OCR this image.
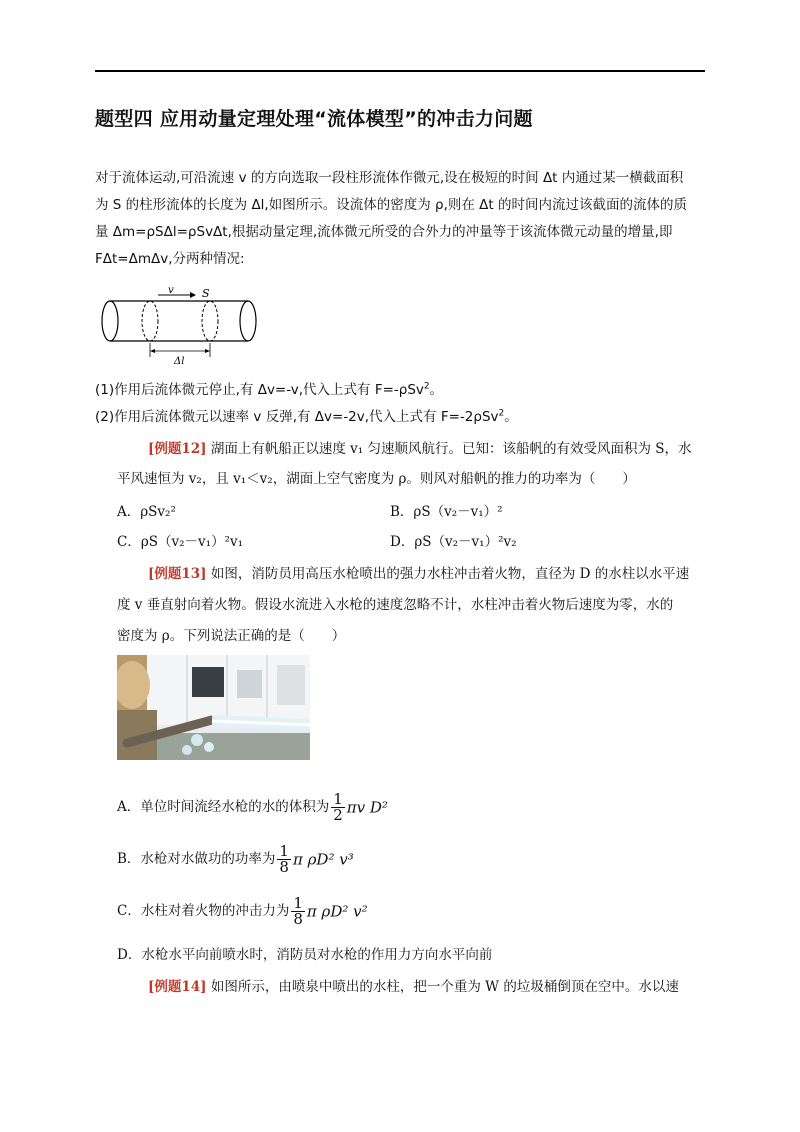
题型四 应用动量定理处理“流体模型”的冲击力问题
对于流体运动,可沿流速 v 的方向选取一段柱形流体作微元,设在极短的时间 Δt 内通过某一横截面积
为 S 的柱形流体的长度为 Δl,如图所示。设流体的密度为 ρ,则在 Δt 的时间内流过该截面的流体的质
量 Δm=ρSΔl=ρSvΔt,根据动量定理,流体微元所受的合外力的冲量等于该流体微元动量的增量,即
FΔt=ΔmΔv,分两种情况:
v	S
Δl
(1)作用后流体微元停止,有 Δv=-v,代入上式有 F=-ρSv$^2$。
(2)作用后流体微元以速率 v 反弹,有 Δv=-2v,代入上式有 F=-2ρSv$^2$。
[例题12] 湖面上有帆船正以速度 v₁ 匀速顺风航行。已知：该船帆的有效受风面积为 S，水
平风速恒为 v₂，且 v₁＜v₂，湖面上空气密度为 ρ。则风对船帆的推力的功率为（　　）
A．ρSv₂²	B．ρS（v₂－v₁）²
C．ρS（v₂－v₁）²v₁	D．ρS（v₂－v₁）²v₂
[例题13] 如图，消防员用高压水枪喷出的强力水柱冲击着火物，直径为 D 的水柱以水平速
度 v 垂直射向着火物。假设水流进入水枪的速度忽略不计，水柱冲击着火物后速度为零，水的
密度为 ρ。下列说法正确的是（　　）
A．单位时间流经水枪的水的体积为 $\frac{1}{2}$ πv D²
B．水枪对水做功的功率为 $\frac{1}{8}$ π ρD² v³
C．水柱对着火物的冲击力为 $\frac{1}{8}$ π ρD² v²
D．水枪水平向前喷水时，消防员对水枪的作用力方向水平向前
[例题14] 如图所示，由喷泉中喷出的水柱，把一个重为 W 的垃圾桶倒顶在空中。水以速
